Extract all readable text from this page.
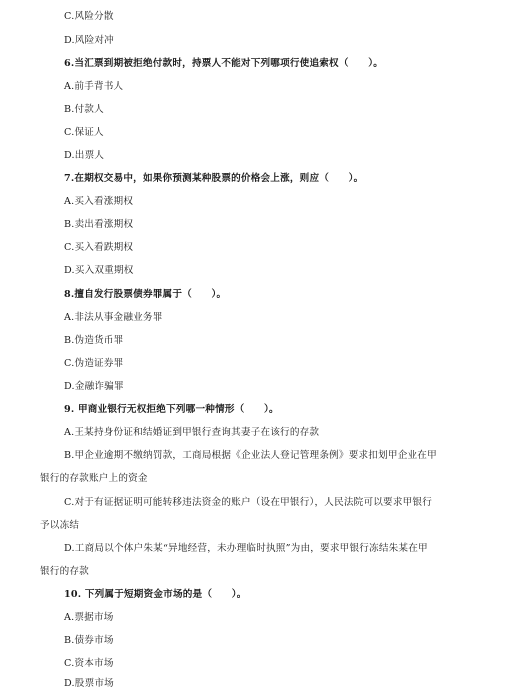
C.风险分散
D.风险对冲
6.当汇票到期被拒绝付款时，持票人不能对下列哪项行使追索权（　　）。
A.前手背书人
B.付款人
C.保证人
D.出票人
7.在期权交易中，如果你预测某种股票的价格会上涨，则应（　　）。
A.买入看涨期权
B.卖出看涨期权
C.买入看跌期权
D.买入双重期权
8.擅自发行股票债券罪属于（　　）。
A.非法从事金融业务罪
B.伪造货币罪
C.伪造证券罪
D.金融诈骗罪
9. 甲商业银行无权拒绝下列哪一种情形（　　）。
A.王某持身份证和结婚证到甲银行查询其妻子在该行的存款
B.甲企业逾期不缴纳罚款，工商局根据《企业法人登记管理条例》要求扣划甲企业在甲
银行的存款账户上的资金
C.对于有证据证明可能转移违法资金的账户（设在甲银行），人民法院可以要求甲银行
予以冻结
D.工商局以个体户朱某“异地经营，未办理临时执照”为由，要求甲银行冻结朱某在甲
银行的存款
10. 下列属于短期资金市场的是（　　）。
A.票据市场
B.债券市场
C.资本市场
D.股票市场
